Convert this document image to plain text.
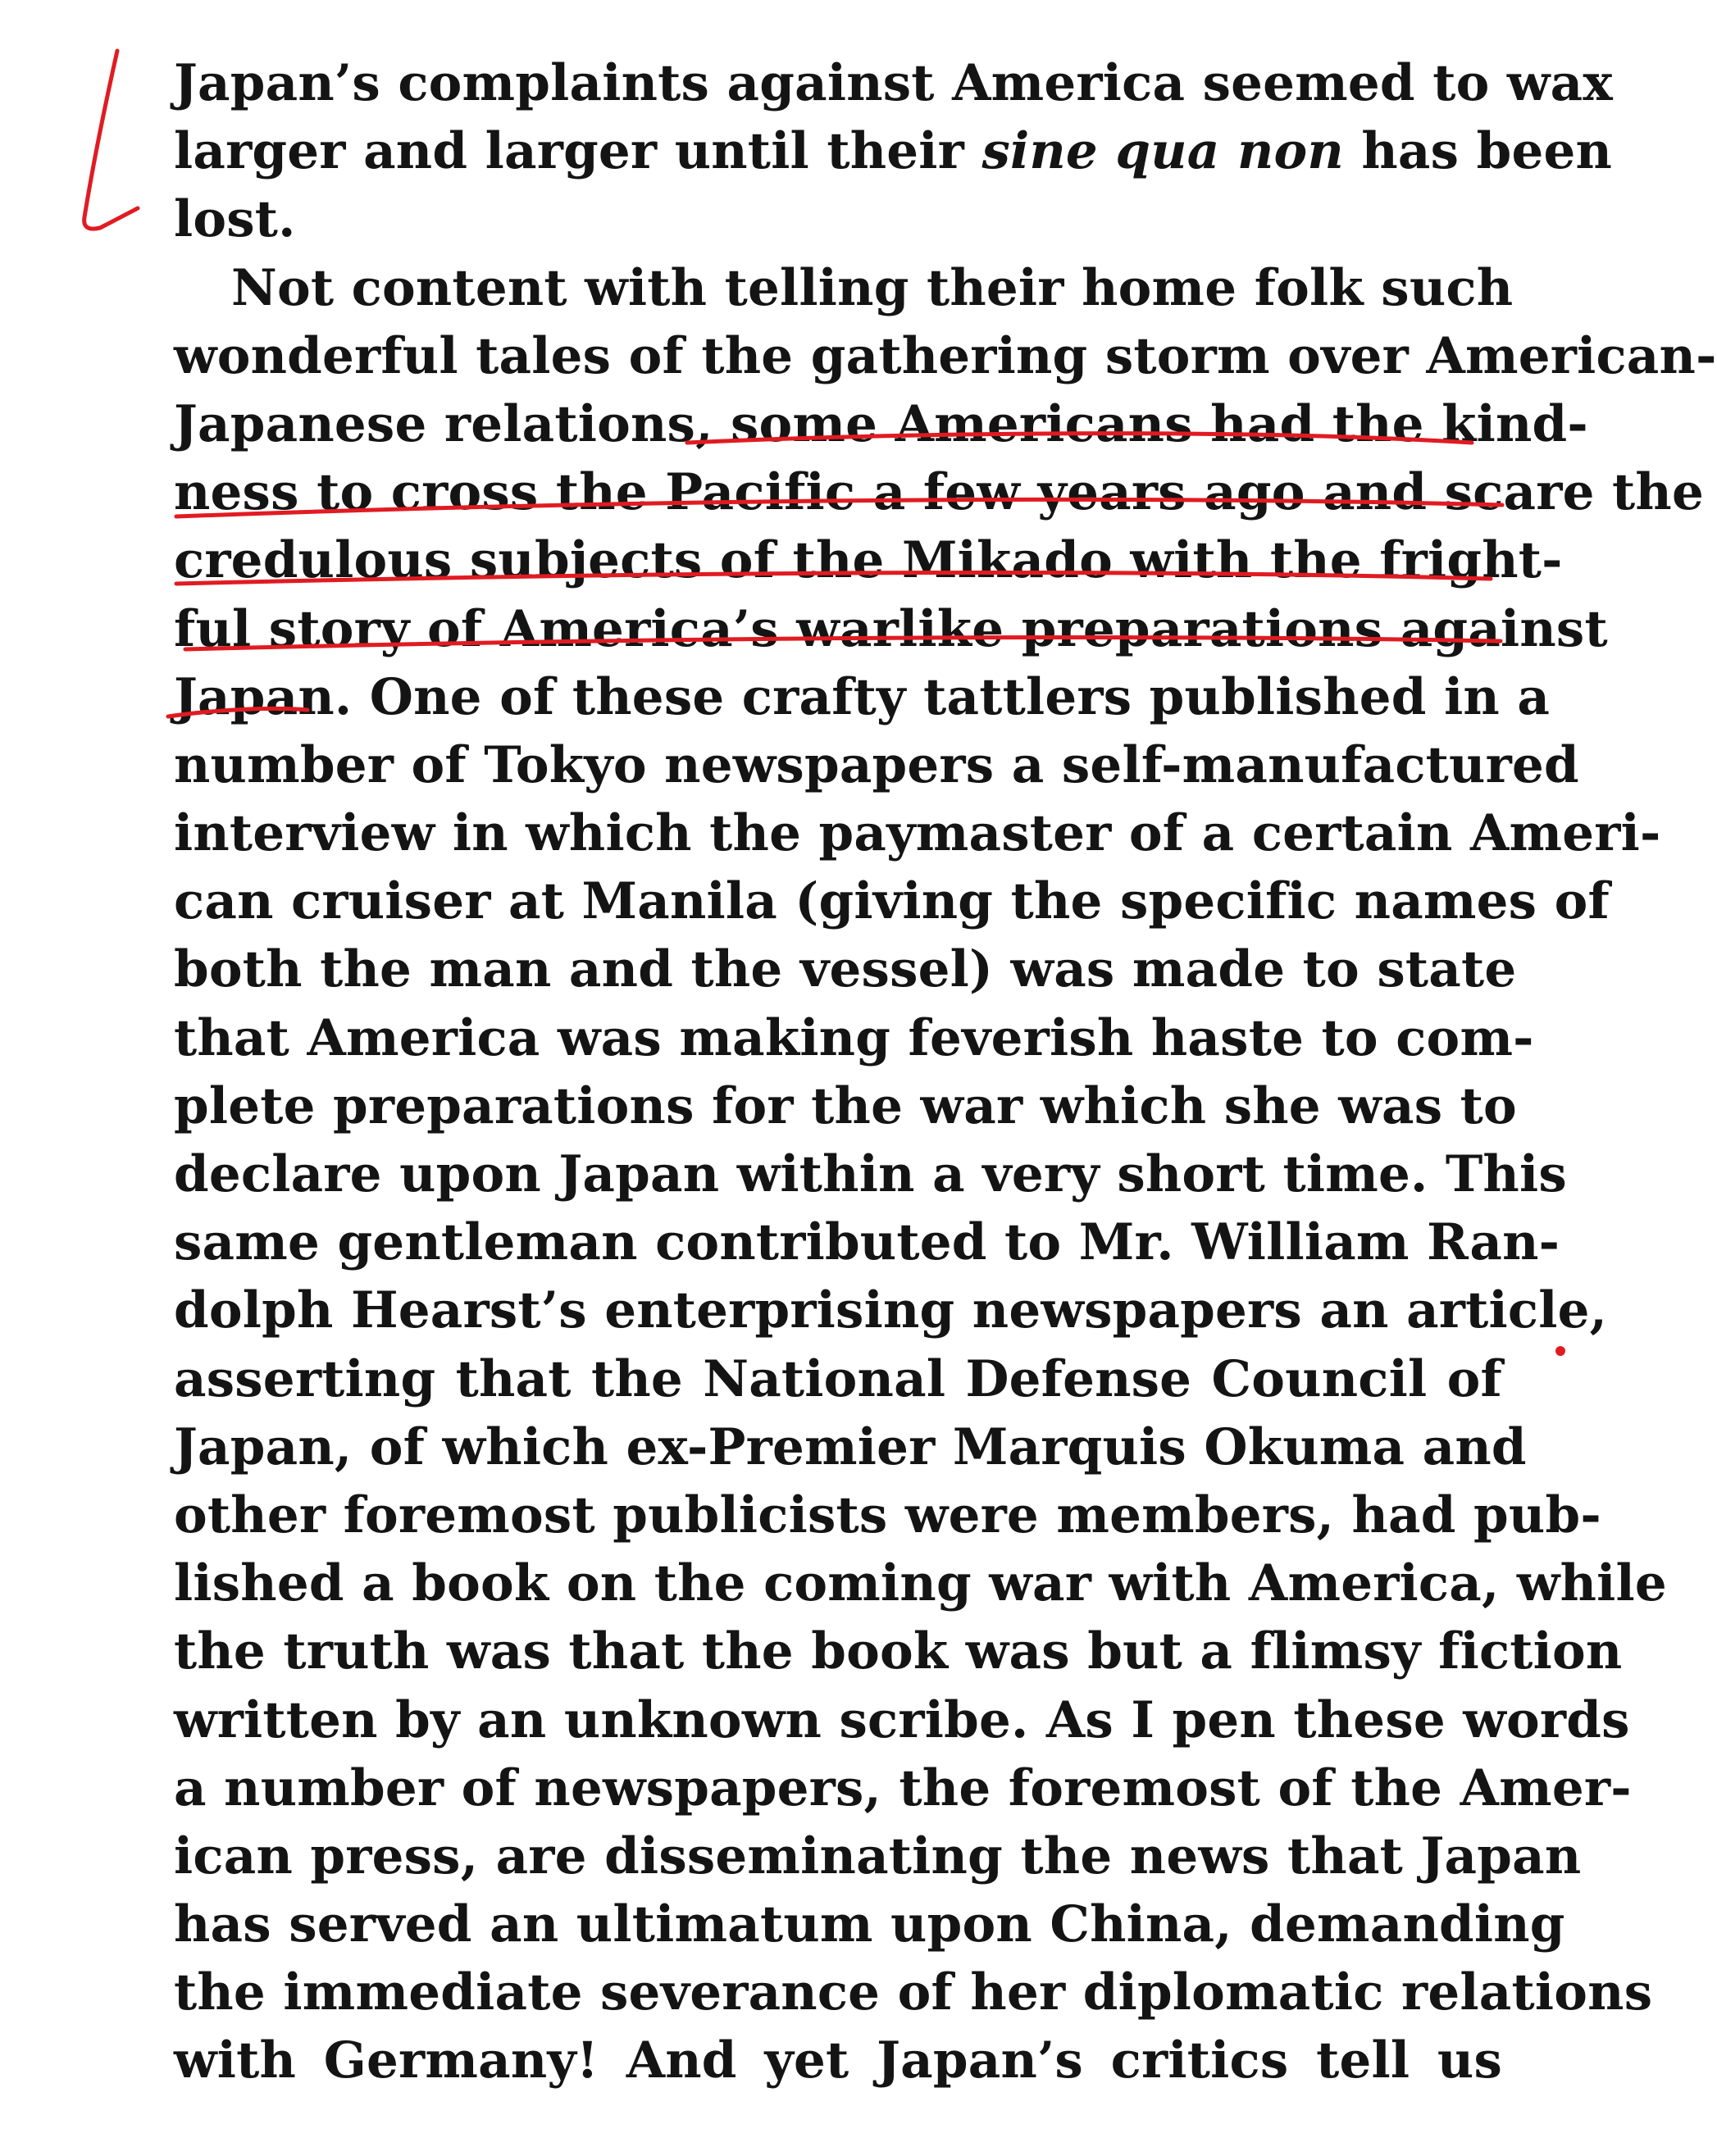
Japan’s complaints against America seemed to wax
larger and larger until their sine qua non has been
lost.
Not content with telling their home folk such
wonderful tales of the gathering storm over American-
Japanese relations, some Americans had the kind-
ness to cross the Pacific a few years ago and scare the
credulous subjects of the Mikado with the fright-
ful story of America’s warlike preparations against
Japan. One of these crafty tattlers published in a
number of Tokyo newspapers a self-manufactured
interview in which the paymaster of a certain Ameri-
can cruiser at Manila (giving the specific names of
both the man and the vessel) was made to state
that America was making feverish haste to com-
plete preparations for the war which she was to
declare upon Japan within a very short time. This
same gentleman contributed to Mr. William Ran-
dolph Hearst’s enterprising newspapers an article,
asserting that the National Defense Council of
Japan, of which ex-Premier Marquis Okuma and
other foremost publicists were members, had pub-
lished a book on the coming war with America, while
the truth was that the book was but a flimsy fiction
written by an unknown scribe. As I pen these words
a number of newspapers, the foremost of the Amer-
ican press, are disseminating the news that Japan
has served an ultimatum upon China, demanding
the immediate severance of her diplomatic relations
with Germany! And yet Japan’s critics tell us
